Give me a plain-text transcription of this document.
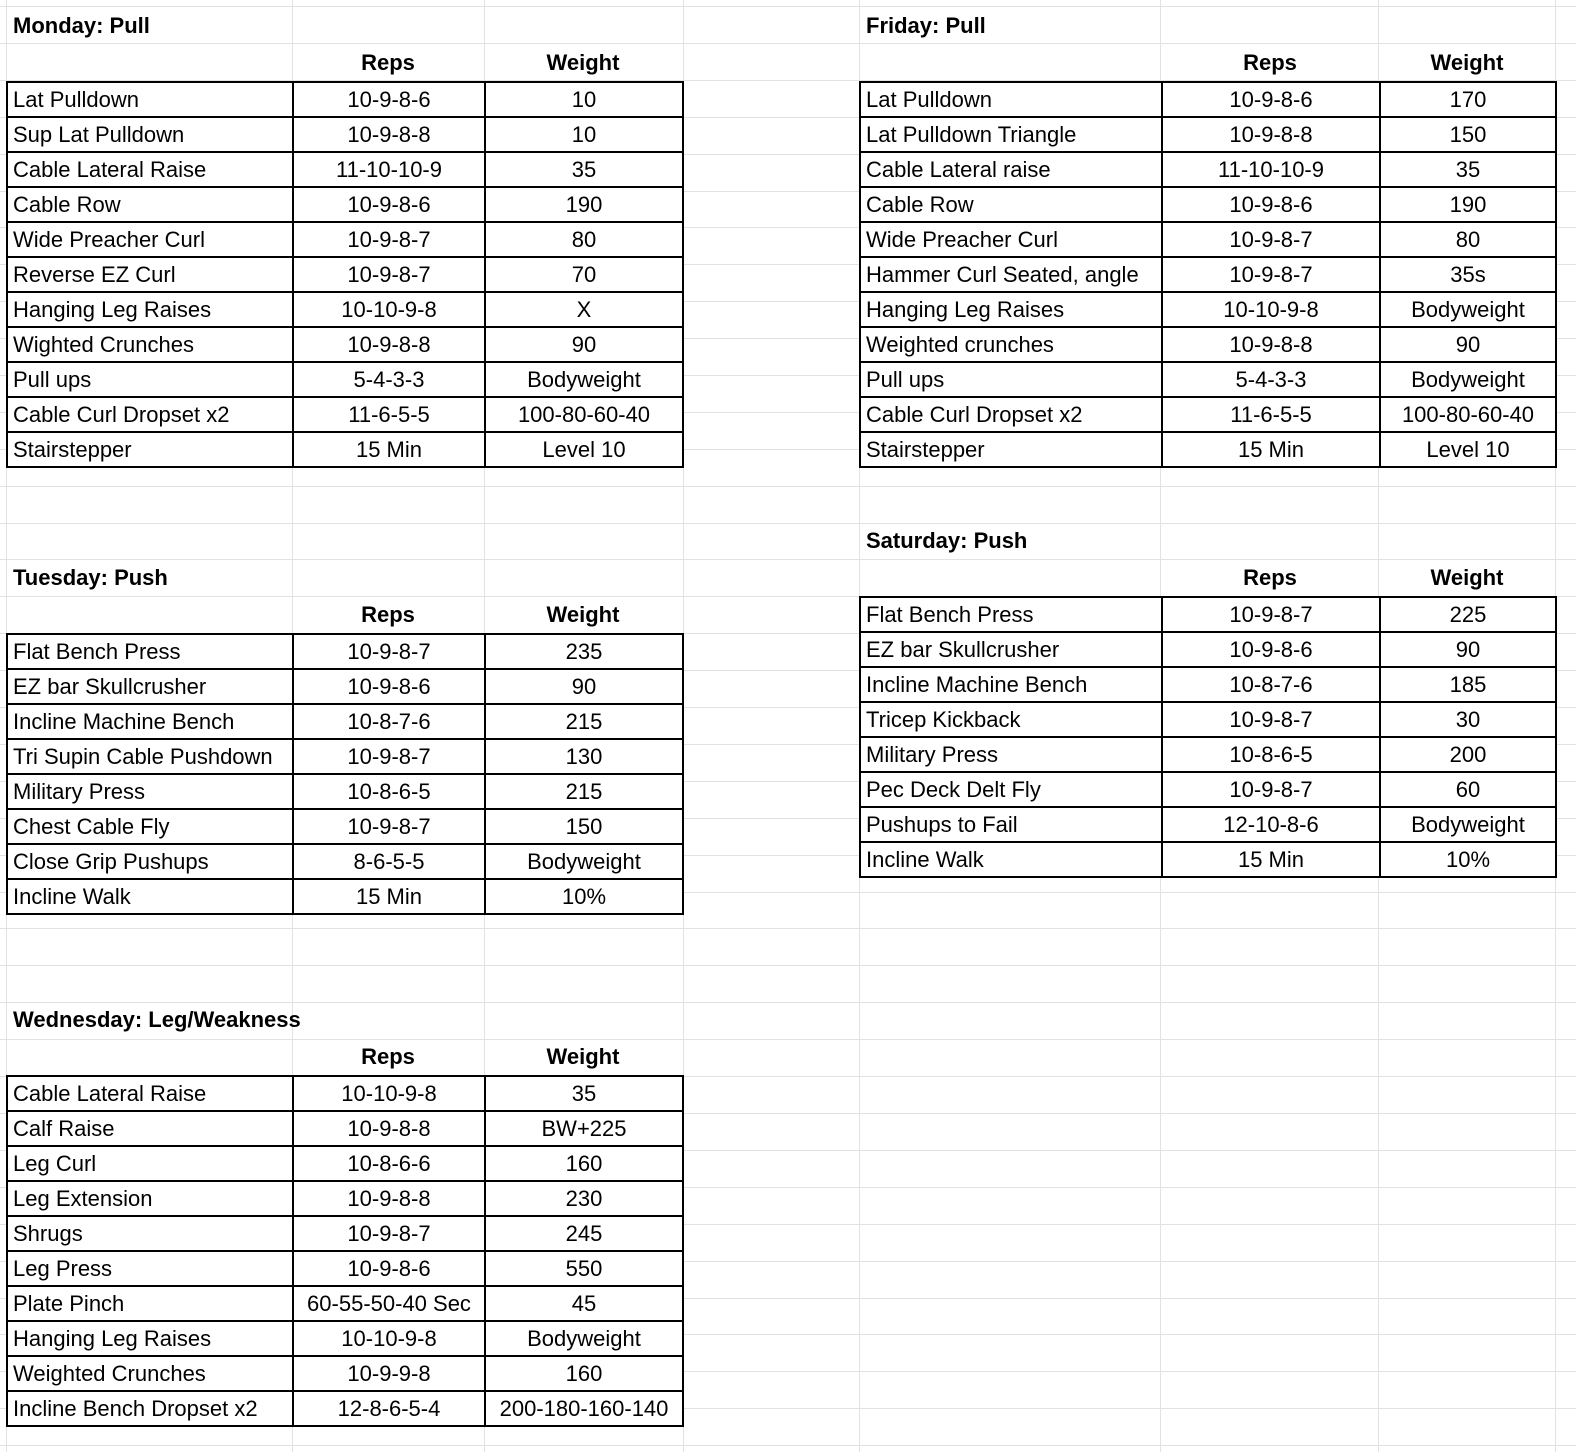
Monday: Pull
Reps	Weight
Lat Pulldown	10-9-8-6	10
Sup Lat Pulldown	10-9-8-8	10
Cable Lateral Raise	11-10-10-9	35
Cable Row	10-9-8-6	190
Wide Preacher Curl	10-9-8-7	80
Reverse EZ Curl	10-9-8-7	70
Hanging Leg Raises	10-10-9-8	X
Wighted Crunches	10-9-8-8	90
Pull ups	5-4-3-3	Bodyweight
Cable Curl Dropset x2	11-6-5-5	100-80-60-40
Stairstepper	15 Min	Level 10
Friday: Pull
Reps	Weight
Lat Pulldown	10-9-8-6	170
Lat Pulldown Triangle	10-9-8-8	150
Cable Lateral raise	11-10-10-9	35
Cable Row	10-9-8-6	190
Wide Preacher Curl	10-9-8-7	80
Hammer Curl Seated, angle	10-9-8-7	35s
Hanging Leg Raises	10-10-9-8	Bodyweight
Weighted crunches	10-9-8-8	90
Pull ups	5-4-3-3	Bodyweight
Cable Curl Dropset x2	11-6-5-5	100-80-60-40
Stairstepper	15 Min	Level 10
Tuesday: Push
Reps	Weight
Flat Bench Press	10-9-8-7	235
EZ bar Skullcrusher	10-9-8-6	90
Incline Machine Bench	10-8-7-6	215
Tri Supin Cable Pushdown	10-9-8-7	130
Military Press	10-8-6-5	215
Chest Cable Fly	10-9-8-7	150
Close Grip Pushups	8-6-5-5	Bodyweight
Incline Walk	15 Min	10%
Saturday: Push
Reps	Weight
Flat Bench Press	10-9-8-7	225
EZ bar Skullcrusher	10-9-8-6	90
Incline Machine Bench	10-8-7-6	185
Tricep Kickback	10-9-8-7	30
Military Press	10-8-6-5	200
Pec Deck Delt Fly	10-9-8-7	60
Pushups to Fail	12-10-8-6	Bodyweight
Incline Walk	15 Min	10%
Wednesday: Leg/Weakness
Reps	Weight
Cable Lateral Raise	10-10-9-8	35
Calf Raise	10-9-8-8	BW+225
Leg Curl	10-8-6-6	160
Leg Extension	10-9-8-8	230
Shrugs	10-9-8-7	245
Leg Press	10-9-8-6	550
Plate Pinch	60-55-50-40 Sec	45
Hanging Leg Raises	10-10-9-8	Bodyweight
Weighted Crunches	10-9-9-8	160
Incline Bench Dropset x2	12-8-6-5-4	200-180-160-140
